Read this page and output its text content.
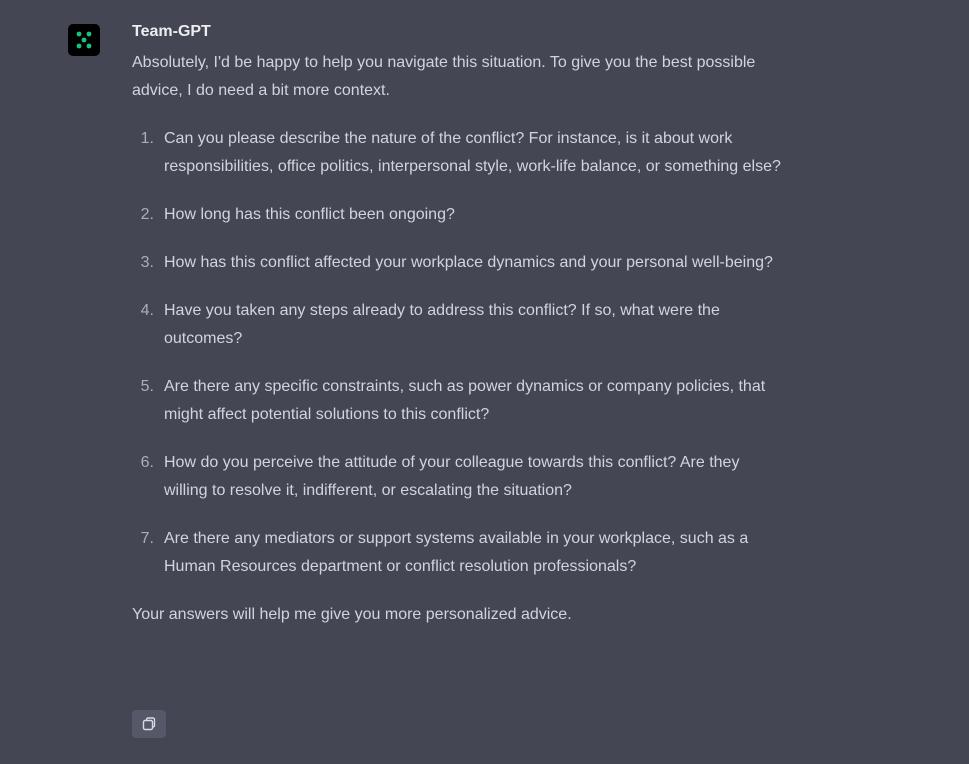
Team-GPT

Absolutely, I'd be happy to help you navigate this situation. To give you the best possible advice, I do need a bit more context.

1. Can you please describe the nature of the conflict? For instance, is it about work responsibilities, office politics, interpersonal style, work-life balance, or something else?
2. How long has this conflict been ongoing?
3. How has this conflict affected your workplace dynamics and your personal well-being?
4. Have you taken any steps already to address this conflict? If so, what were the outcomes?
5. Are there any specific constraints, such as power dynamics or company policies, that might affect potential solutions to this conflict?
6. How do you perceive the attitude of your colleague towards this conflict? Are they willing to resolve it, indifferent, or escalating the situation?
7. Are there any mediators or support systems available in your workplace, such as a Human Resources department or conflict resolution professionals?

Your answers will help me give you more personalized advice.
